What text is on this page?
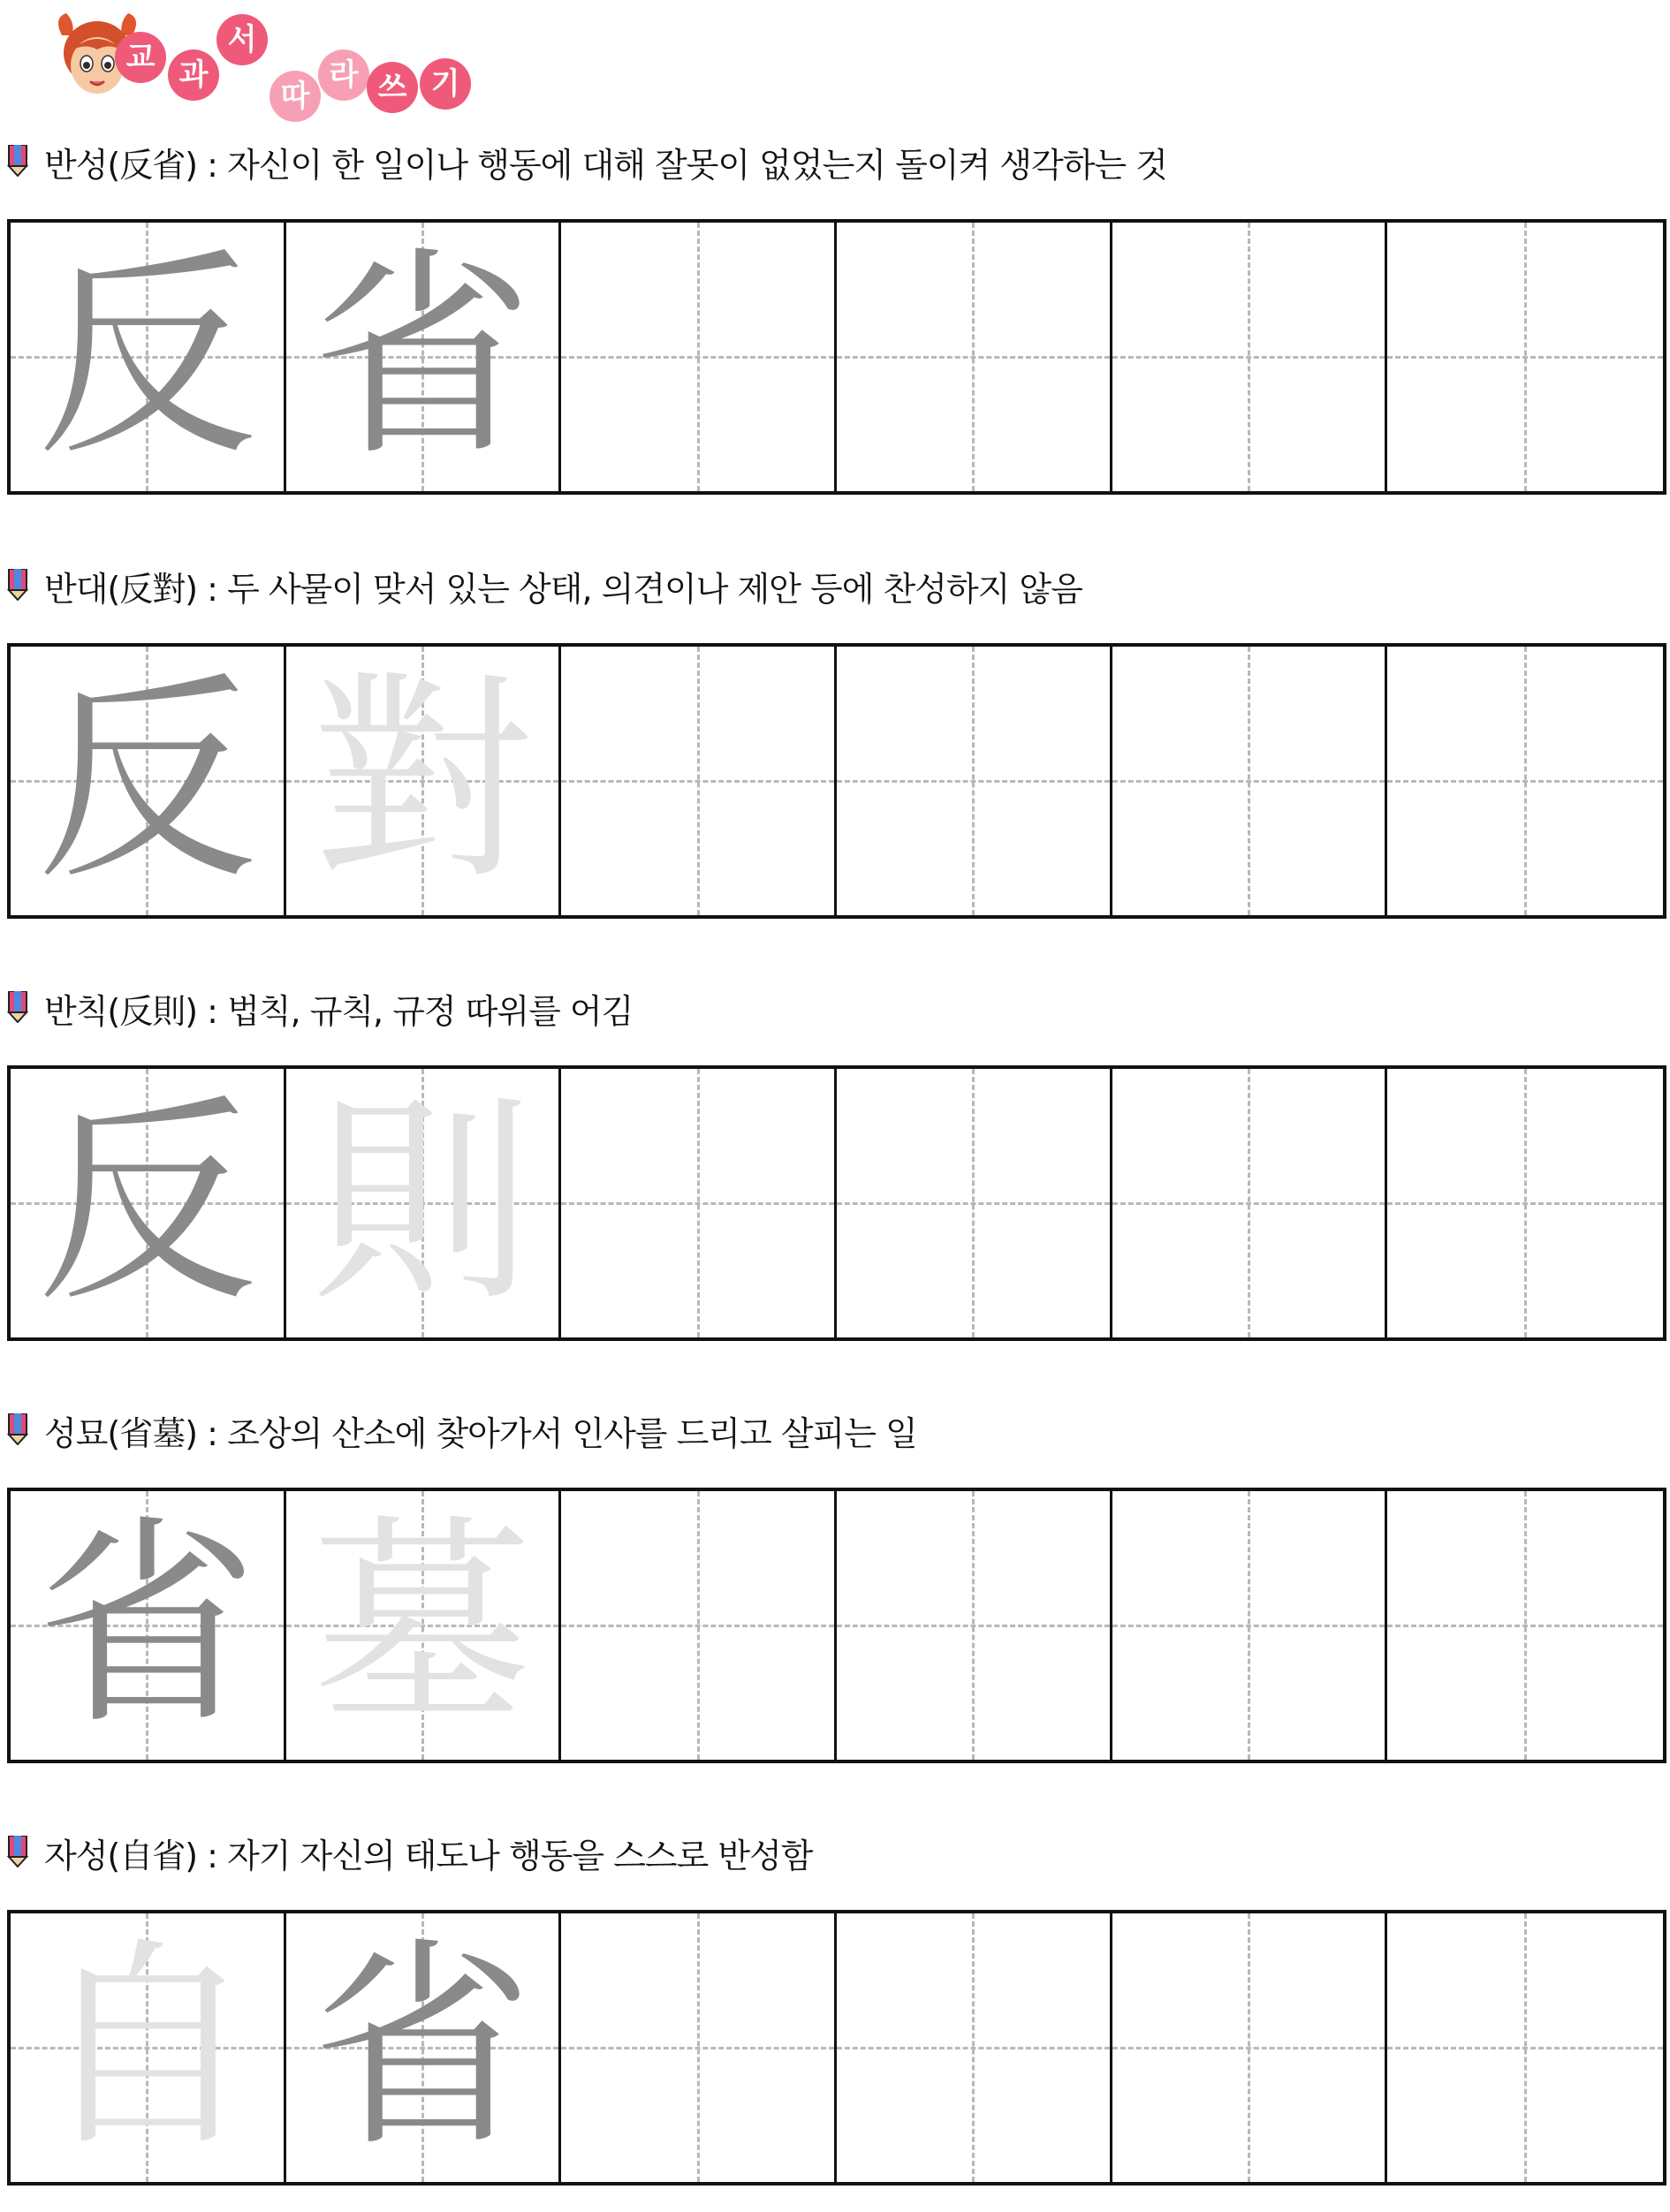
교 과
서
따
라 쓰 기
반성(反省) : 자신이 한 일이나 행동에 대해 잘못이 없었는지 돌이켜 생각하는 것
反 省
반대(反對) : 두 사물이 맞서 있는 상태, 의견이나 제안 등에 찬성하지 않음
反 對
반칙(反則) : 법칙, 규칙, 규정 따위를 어김
反 則
성묘(省墓) : 조상의 산소에 찾아가서 인사를 드리고 살피는 일
省 墓
자성(自省) : 자기 자신의 태도나 행동을 스스로 반성함
自 省
